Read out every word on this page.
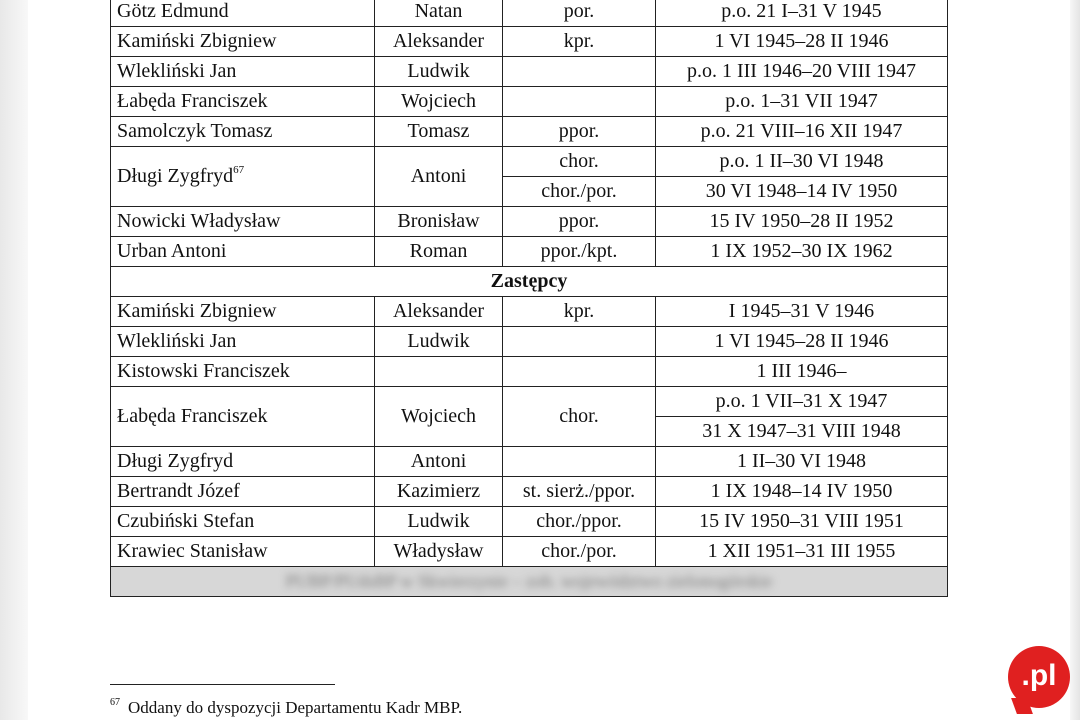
Götz Edmund	Natan	por.	p.o. 21 I–31 V 1945
Kamiński Zbigniew	Aleksander	kpr.	1 VI 1945–28 II 1946
Wlekliński Jan	Ludwik		p.o. 1 III 1946–20 VIII 1947
Łabęda Franciszek	Wojciech		p.o. 1–31 VII 1947
Samolczyk Tomasz	Tomasz	ppor.	p.o. 21 VIII–16 XII 1947
Długi Zygfryd$^{67}$	Antoni	chor.	p.o. 1 II–30 VI 1948
		chor./por.	30 VI 1948–14 IV 1950
Nowicki Władysław	Bronisław	ppor.	15 IV 1950–28 II 1952
Urban Antoni	Roman	ppor./kpt.	1 IX 1952–30 IX 1962
Zastępcy			
Kamiński Zbigniew	Aleksander	kpr.	I 1945–31 V 1946
Wlekliński Jan	Ludwik		1 VI 1945–28 II 1946
Kistowski Franciszek			1 III 1946–
Łabęda Franciszek	Wojciech	chor.	p.o. 1 VII–31 X 1947
			31 X 1947–31 VIII 1948
Długi Zygfryd	Antoni		1 II–30 VI 1948
Bertrandt Józef	Kazimierz	st. sierż./ppor.	1 IX 1948–14 IV 1950
Czubiński Stefan	Ludwik	chor./ppor.	15 IV 1950–31 VIII 1951
Krawiec Stanisław	Władysław	chor./por.	1 XII 1951–31 III 1955
PUBP/PUdsBP w Skwierzynie – zob. województwo zielonogórskie			
$^{67}$ Oddany do dyspozycji Departamentu Kadr MBP.
.pl
